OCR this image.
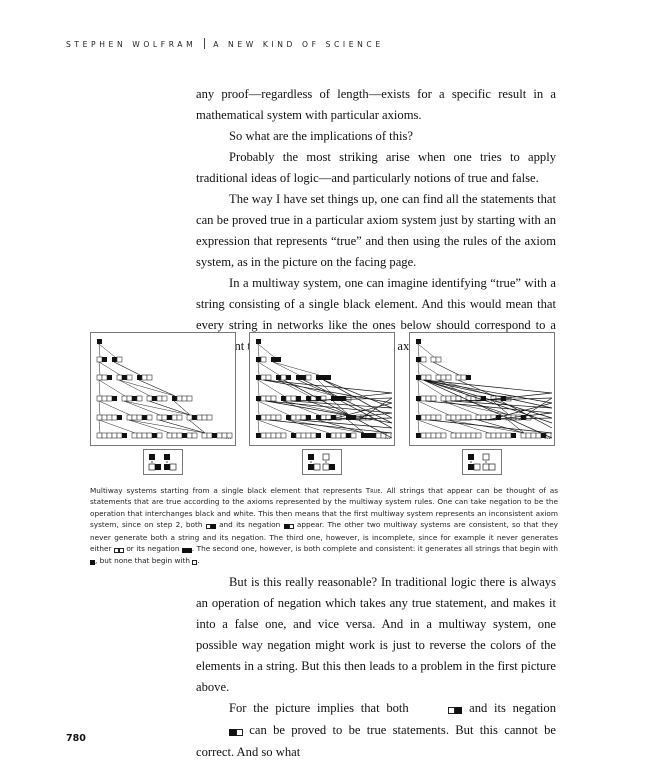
STEPHEN WOLFRAM A NEW KIND OF SCIENCE

any proof—regardless of length—exists for a specific result in a mathematical system with particular axioms.

So what are the implications of this?

Probably the most striking arise when one tries to apply traditional ideas of logic—and particularly notions of true and false.

The way I have set things up, one can find all the statements that can be proved true in a particular axiom system just by starting with an expression that represents “true” and then using the rules of the axiom system, as in the picture on the facing page.

In a multiway system, one can imagine identifying “true” with a string consisting of a single black element. And this would mean that every string in networks like the ones below should correspond to a

...	...	...
Multiway systems starting from a single black element that represents True. All strings that appear can be thought of as statements that are true according to the axioms represented by the multiway system rules. One can take negation to be the operation that interchanges black and white. This then means that the first multiway system represents an inconsistent axiom system, since on step 2, both  and its negation  appear. The other two multiway systems are consistent, so that they never generate both a string and its negation. The third one, however, is incomplete, since for example it never generates either  or its negation . The second one, however, is both complete and consistent: it generates all strings that begin with , but none that begin with .

But is this really reasonable? In traditional logic there is always an operation of negation which takes any true statement, and makes it into a false one, and vice versa. And in a multiway system, one possible way negation might work is just to reverse the colors of the elements in a string. But this then leads to a problem in the first picture above.

For the picture implies that both	and its negation  can be proved to be true statements. But this cannot be correct. And so what

780
